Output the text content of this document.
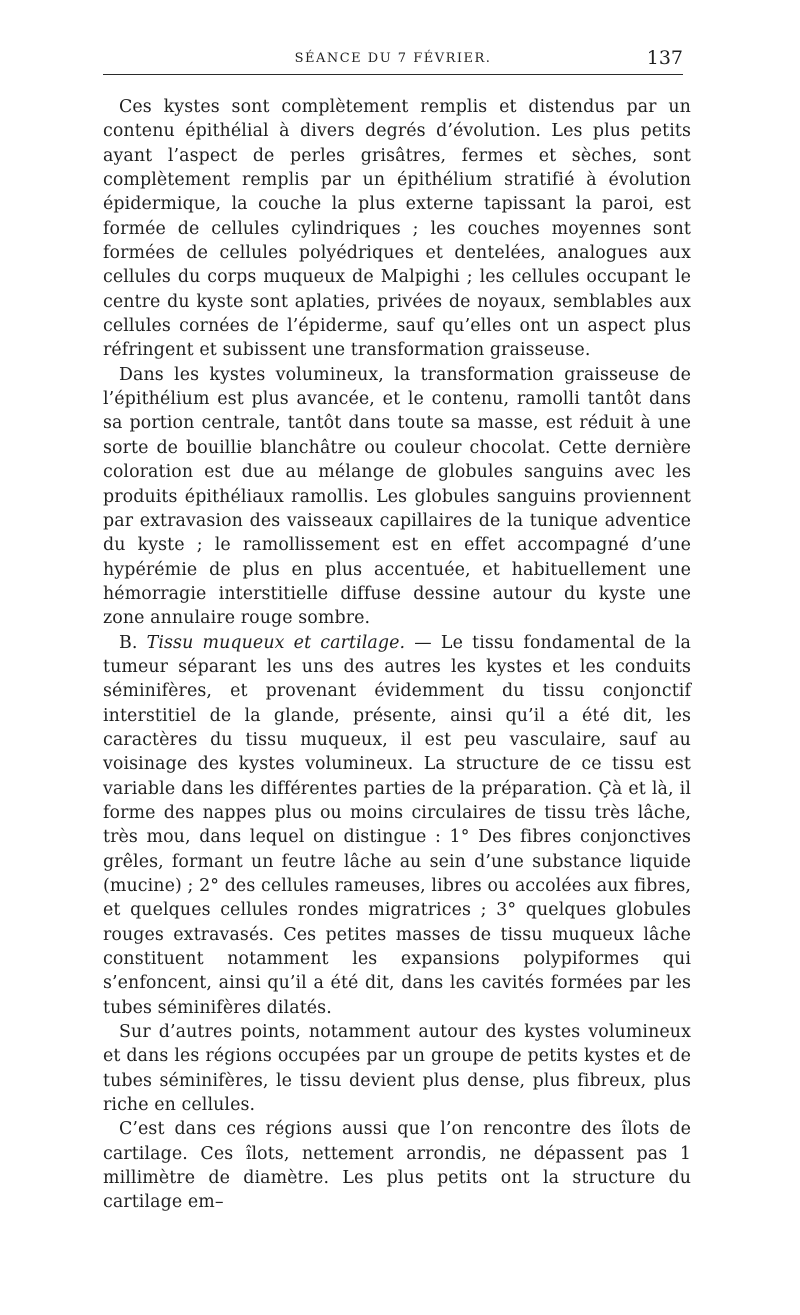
SÉANCE DU 7 FÉVRIER.	137

Ces kystes sont complètement remplis et distendus par un contenu épithélial à divers degrés d’évolution. Les plus petits ayant l’aspect de perles grisâtres, fermes et sèches, sont complètement remplis par un épithélium stratifié à évolution épidermique, la couche la plus externe tapissant la paroi, est formée de cellules cylindriques ; les couches moyennes sont formées de cellules polyédriques et dentelées, analogues aux cellules du corps muqueux de Malpighi ; les cellules occupant le centre du kyste sont aplaties, privées de noyaux, semblables aux cellules cornées de l’épiderme, sauf qu’elles ont un aspect plus réfringent et subissent une transformation graisseuse.

Dans les kystes volumineux, la transformation graisseuse de l’épithélium est plus avancée, et le contenu, ramolli tantôt dans sa portion centrale, tantôt dans toute sa masse, est réduit à une sorte de bouillie blanchâtre ou couleur chocolat. Cette dernière coloration est due au mélange de globules sanguins avec les produits épithéliaux ramollis. Les globules sanguins proviennent par extravasion des vaisseaux capillaires de la tunique adventice du kyste ; le ramollissement est en effet accompagné d’une hypérémie de plus en plus accentuée, et habituellement une hémorragie interstitielle diffuse dessine autour du kyste une zone annulaire rouge sombre.

B. Tissu muqueux et cartilage. — Le tissu fondamental de la tumeur séparant les uns des autres les kystes et les conduits séminifères, et provenant évidemment du tissu conjonctif interstitiel de la glande, présente, ainsi qu’il a été dit, les caractères du tissu muqueux, il est peu vasculaire, sauf au voisinage des kystes volumineux. La structure de ce tissu est variable dans les différentes parties de la préparation. Çà et là, il forme des nappes plus ou moins circulaires de tissu très lâche, très mou, dans lequel on distingue : 1° Des fibres conjonctives grêles, formant un feutre lâche au sein d’une substance liquide (mucine) ; 2° des cellules rameuses, libres ou accolées aux fibres, et quelques cellules rondes migratrices ; 3° quelques globules rouges extravasés. Ces petites masses de tissu muqueux lâche constituent notamment les expansions polypiformes qui s’enfoncent, ainsi qu’il a été dit, dans les cavités formées par les tubes séminifères dilatés.

Sur d’autres points, notamment autour des kystes volumineux et dans les régions occupées par un groupe de petits kystes et de tubes séminifères, le tissu devient plus dense, plus fibreux, plus riche en cellules.

C’est dans ces régions aussi que l’on rencontre des îlots de cartilage. Ces îlots, nettement arrondis, ne dépassent pas 1 millimètre de diamètre. Les plus petits ont la structure du cartilage em–
